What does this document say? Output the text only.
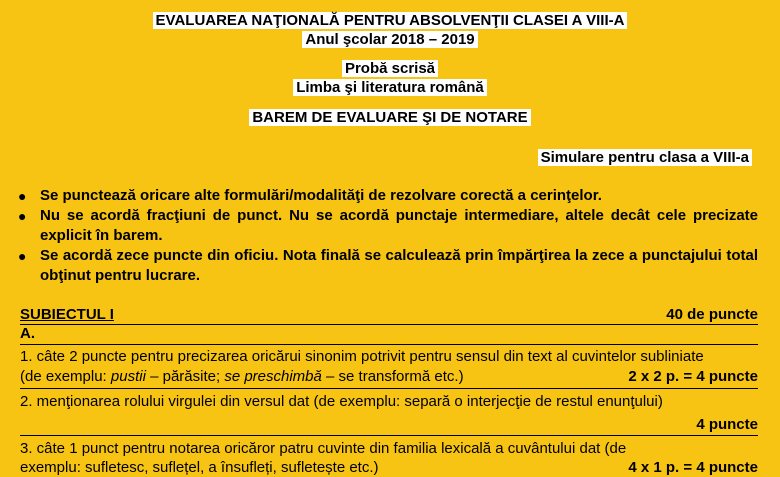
EVALUAREA NAŢIONALĂ PENTRU ABSOLVENŢII CLASEI A VIII-A
Anul şcolar 2018 – 2019
Probă scrisă
Limba şi literatura română
BAREM DE EVALUARE ŞI DE NOTARE
Simulare pentru clasa a VIII-a
● Se punctează oricare alte formulări/modalităţi de rezolvare corectă a cerinţelor.
● Nu se acordă fracţiuni de punct. Nu se acordă punctaje intermediare, altele decât cele precizate explicit în barem.
● Se acordă zece puncte din oficiu. Nota finală se calculează prin împărţirea la zece a punctajului total obţinut pentru lucrare.
SUBIECTUL I	40 de puncte
A.
1. câte 2 puncte pentru precizarea oricărui sinonim potrivit pentru sensul din text al cuvintelor subliniate
(de exemplu: pustii – părăsite; se preschimbă – se transformă etc.)	2 x 2 p. = 4 puncte
2. menţionarea rolului virgulei din versul dat (de exemplu: separă o interjecţie de restul enunţului)
4 puncte
3. câte 1 punct pentru notarea oricăror patru cuvinte din familia lexicală a cuvântului dat (de
exemplu: sufletesc, suflețel, a însufleți, sufletește etc.)	4 x 1 p. = 4 puncte
